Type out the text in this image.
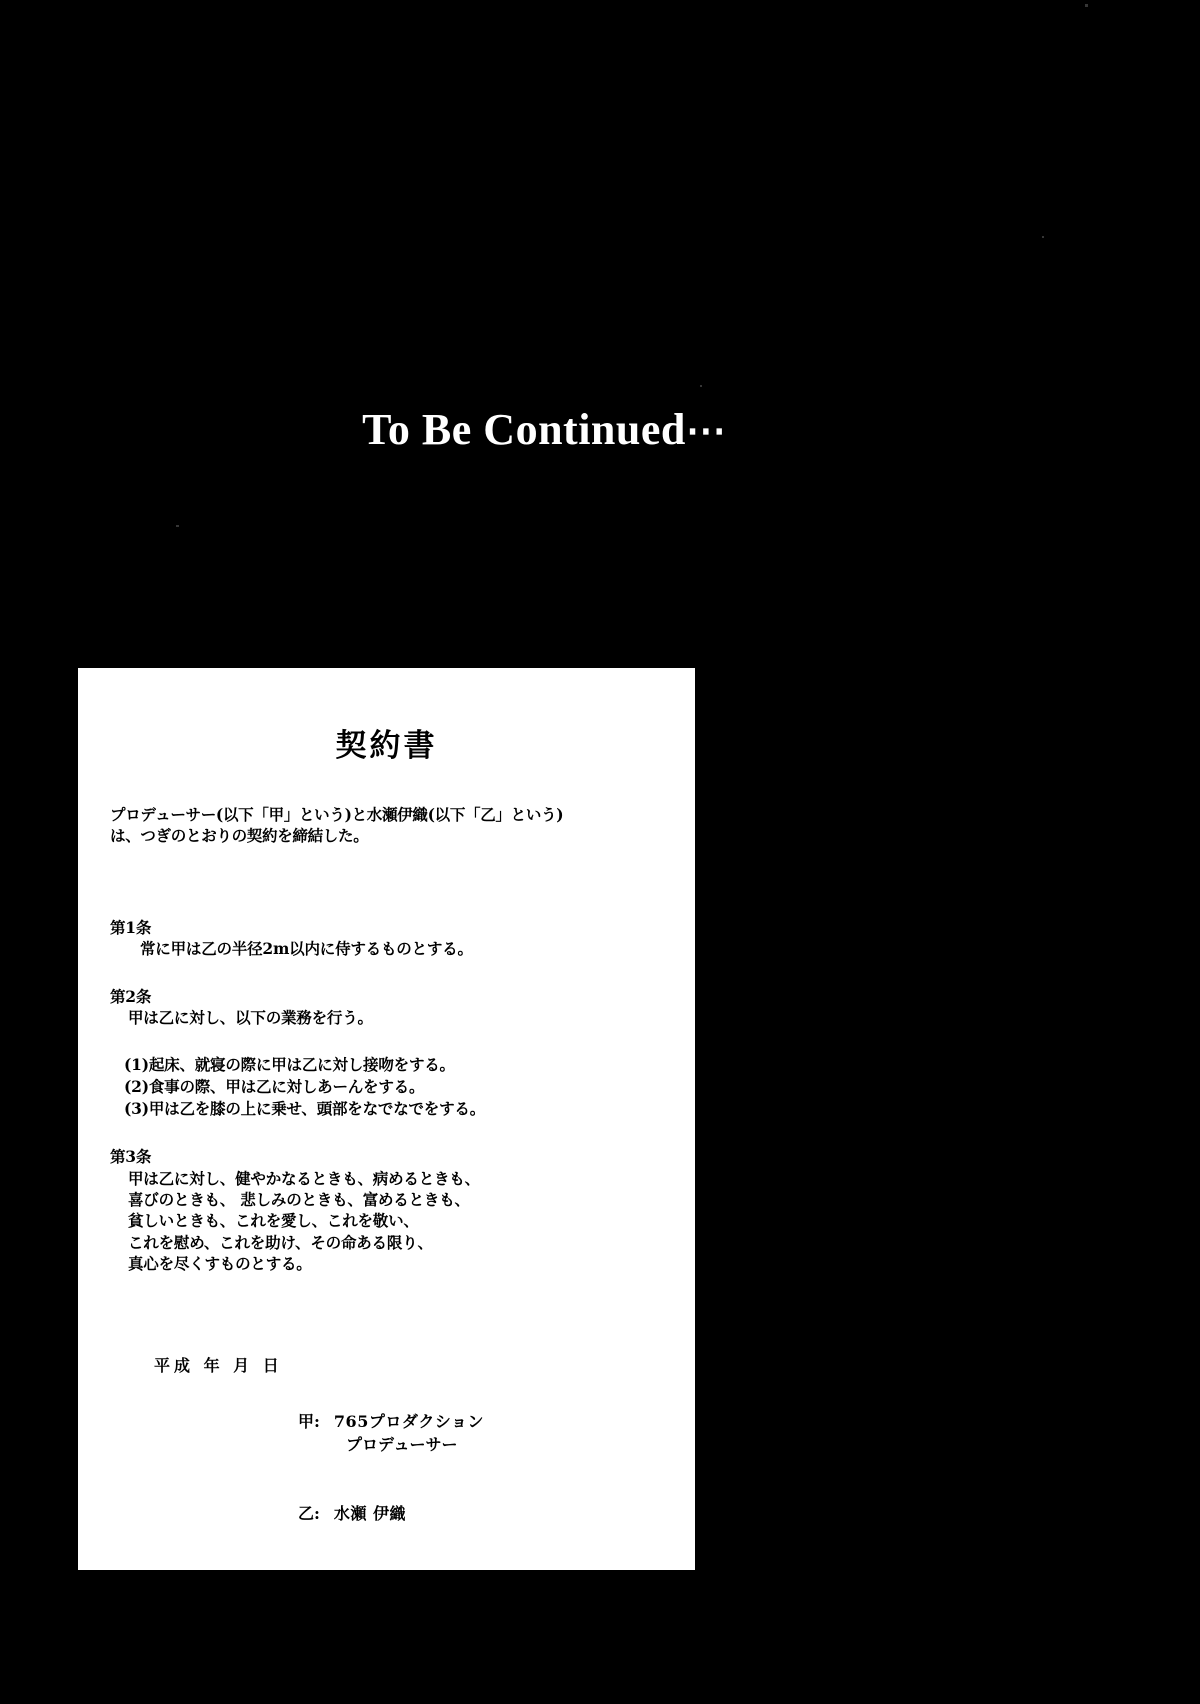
To Be Continued⋯
契約書
プロデューサー(以下「甲」という)と水瀬伊織(以下「乙」という)
は、つぎのとおりの契約を締結した。
第1条
常に甲は乙の半径2m以内に侍するものとする。
第2条
甲は乙に対し、以下の業務を行う。
(1)起床、就寝の際に甲は乙に対し接吻をする。
(2)食事の際、甲は乙に対しあーんをする。
(3)甲は乙を膝の上に乗せ、頭部をなでなでをする。
第3条
甲は乙に対し、健やかなるときも、病めるときも、
喜びのときも、 悲しみのときも、富めるときも、
貧しいときも、これを愛し、これを敬い、
これを慰め、これを助け、その命ある限り、
真心を尽くすものとする。
平成 年 月 日
甲: 765プロダクション
プロデューサー
乙: 水瀬 伊織
